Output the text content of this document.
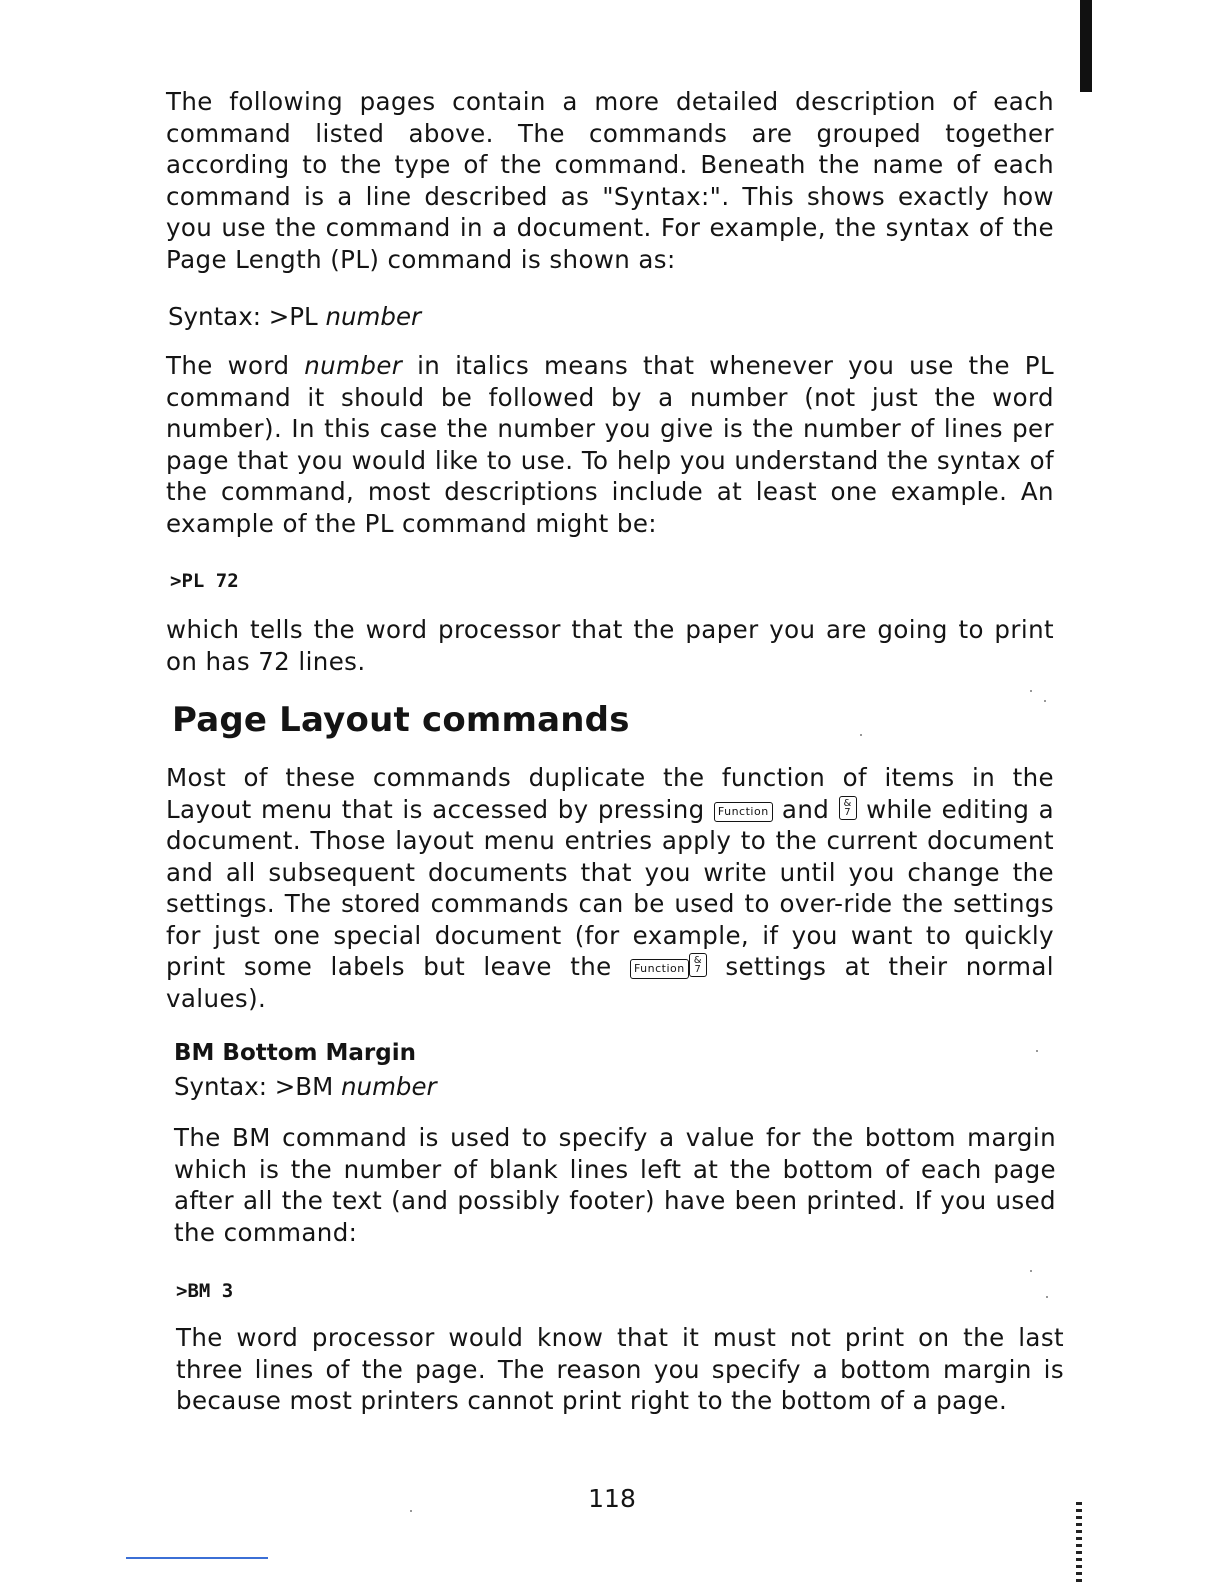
The following pages contain a more detailed description of each command listed above. The commands are grouped together according to the type of the command. Beneath the name of each command is a line described as "Syntax:". This shows exactly how you use the command in a document. For example, the syntax of the Page Length (PL) command is shown as:

Syntax: >PL number

The word number in italics means that whenever you use the PL command it should be followed by a number (not just the word number). In this case the number you give is the number of lines per page that you would like to use. To help you understand the syntax of the command, most descriptions include at least one example. An example of the PL command might be:

>PL 72

which tells the word processor that the paper you are going to print on has 72 lines.

Page Layout commands

Most of these commands duplicate the function of items in the Layout menu that is accessed by pressing Function and &
7 while editing a document. Those layout menu entries apply to the current document and all subsequent documents that you write until you change the settings. The stored commands can be used to over-ride the settings for just one special document (for example, if you want to quickly print some labels but leave the Function&
7 settings at their normal values).

BM Bottom Margin

Syntax: >BM number

The BM command is used to specify a value for the bottom margin which is the number of blank lines left at the bottom of each page after all the text (and possibly footer) have been printed. If you used the command:

>BM 3

The word processor would know that it must not print on the last three lines of the page. The reason you specify a bottom margin is because most printers cannot print right to the bottom of a page.

118
